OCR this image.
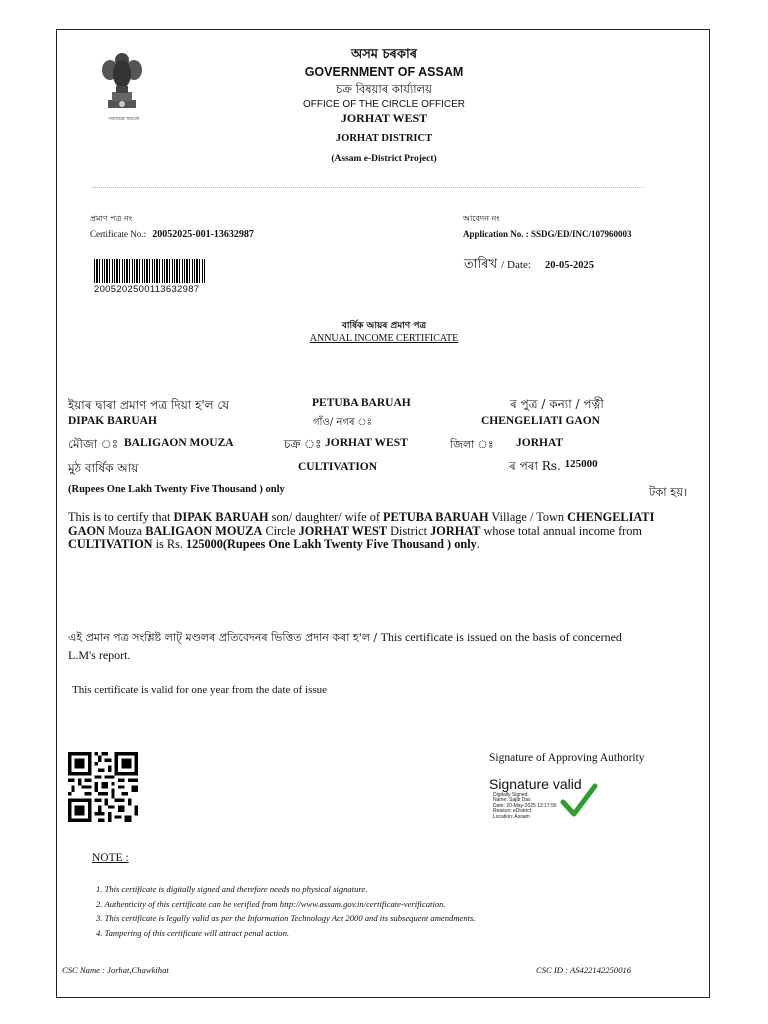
সত্যমেৱ জয়তে
অসম চৰকাৰ
GOVERNMENT OF ASSAM
চক্ৰ বিষয়াৰ কাৰ্য্যালয়
OFFICE OF THE CIRCLE OFFICER
JORHAT WEST
JORHAT DISTRICT
(Assam e-District Project)
প্ৰমাণ পত্ৰ নং
Certificate No.: 20052025-001-13632987
আবেদন নং
Application No. : SSDG/ED/INC/107960003
20052025001136329​87
তাৰিখ / Date: 20-05-2025
বাৰ্ষিক আয়ৰ প্ৰমাণ পত্ৰ
ANNUAL INCOME CERTIFICATE
ইয়াৰ দ্বাৰা প্ৰমাণ পত্ৰ দিয়া হ'ল যে	PETUBA BARUAH	ৰ পুত্ৰ / কন্যা / পত্নী
DIPAK BARUAH	গাঁও/ নগৰ ঃ	CHENGELIATI GAON
মৌজা ঃ BALIGAON MOUZA	চক্ৰ ঃ JORHAT WEST	জিলা ঃ JORHAT
মুঠ বাৰ্ষিক আয়	CULTIVATION	ৰ পৰা Rs. 125000
(Rupees One Lakh Twenty Five Thousand ) only	টকা হয়।
This is to certify that DIPAK BARUAH son/ daughter/ wife of PETUBA BARUAH Village / Town CHENGELIATI GAON Mouza BALIGAON MOUZA Circle JORHAT WEST District JORHAT whose total annual income from CULTIVATION is Rs. 125000(Rupees One Lakh Twenty Five Thousand ) only.
এই প্ৰমান পত্ৰ সংশ্লিষ্ট লাট্‌ মণ্ডলৰ প্ৰতিবেদনৰ ভিত্তিত প্ৰদান কৰা হ'ল / This certificate is issued on the basis of concerned
L.M's report.
This certificate is valid for one year from the date of issue
Signature of Approving Authority
Signature valid
Digitally Signed.
Name: Sajib Das
Date: 20-May-2025 12:17:56
Reason: eDistrict
Location: Assam
NOTE :
1. This certificate is digitally signed and therefore needs no physical signature.
2. Authenticity of this certificate can be verified from http://www.assam.gov.in/certificate-verification.
3. This certificate is legally valid as per the Information Technology Act 2000 and its subsequent amendments.
4. Tampering of this certificate will attract penal action.
CSC Name : Jorhat,Chawkihat	CSC ID : AS422142250016
